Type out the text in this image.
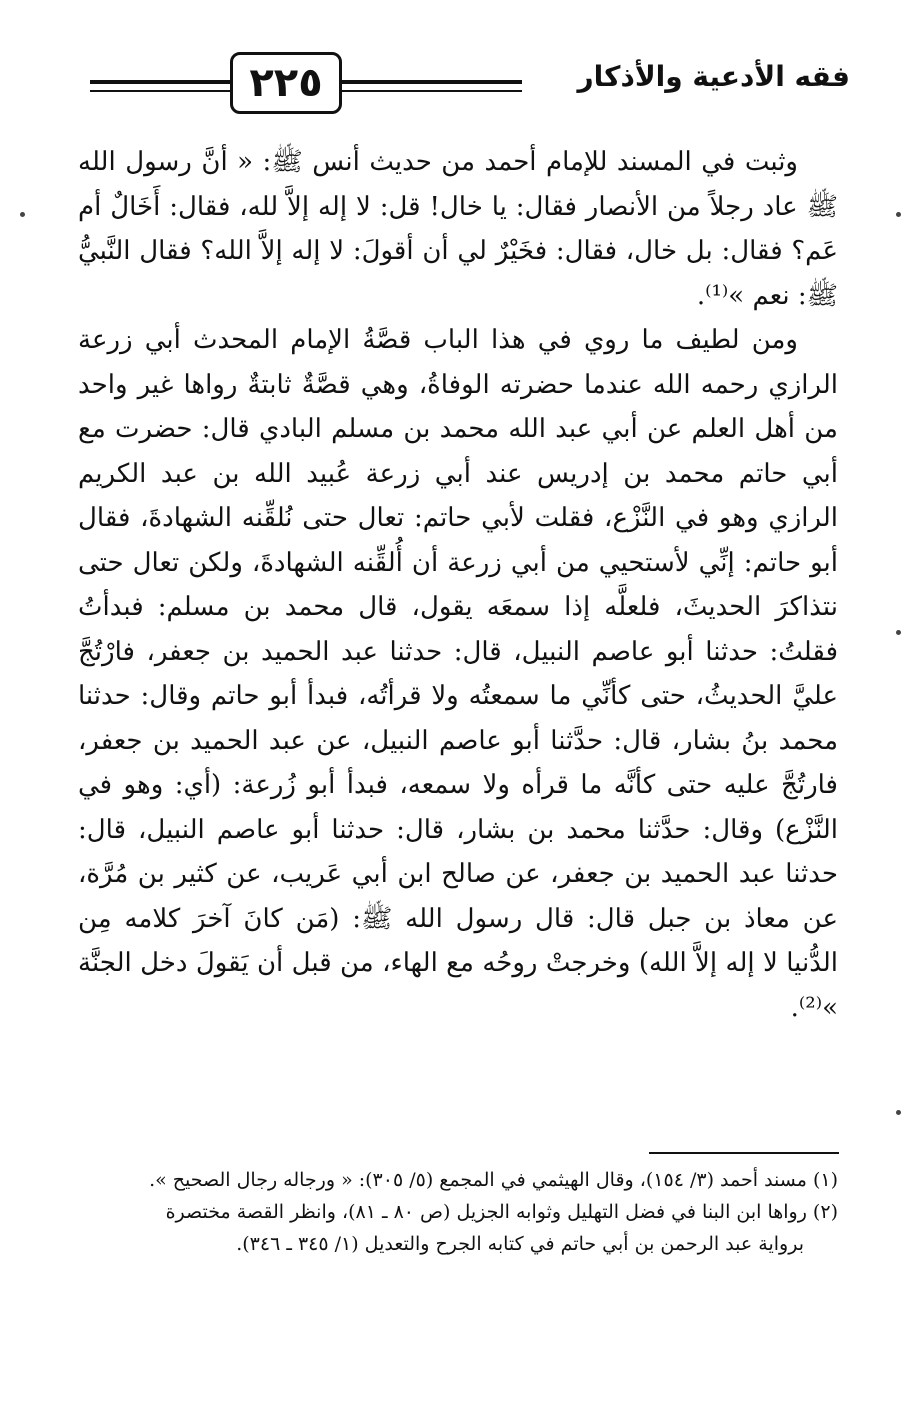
٢٢٥	فقه الأدعية والأذكار

وثبت في المسند للإمام أحمد من حديث أنس ﷺ: « أنَّ رسول الله ﷺ عاد رجلاً من الأنصار فقال: يا خال! قل: لا إله إلاَّ لله، فقال: أَخَالٌ أم عَم؟ فقال: بل خال، فقال: فخَيْرٌ لي أن أقولَ: لا إله إلاَّ الله؟ فقال النَّبيُّ ﷺ: نعم »⁽¹⁾.

ومن لطيف ما روي في هذا الباب قصَّةُ الإمام المحدث أبي زرعة الرازي رحمه الله عندما حضرته الوفاةُ، وهي قصَّةٌ ثابتةٌ رواها غير واحد من أهل العلم عن أبي عبد الله محمد بن مسلم البادي قال: حضرت مع أبي حاتم محمد بن إدريس عند أبي زرعة عُبيد الله بن عبد الكريم الرازي وهو في النَّزْع، فقلت لأبي حاتم: تعال حتى نُلقِّنه الشهادةَ، فقال أبو حاتم: إنِّي لأستحيي من أبي زرعة أن أُلقِّنه الشهادةَ، ولكن تعال حتى نتذاكرَ الحديثَ، فلعلَّه إذا سمعَه يقول، قال محمد بن مسلم: فبدأتُ فقلتُ: حدثنا أبو عاصم النبيل، قال: حدثنا عبد الحميد بن جعفر، فارْتُجَّ عليَّ الحديثُ، حتى كأنِّي ما سمعتُه ولا قرأتُه، فبدأ أبو حاتم وقال: حدثنا محمد بنُ بشار، قال: حدَّثنا أبو عاصم النبيل، عن عبد الحميد بن جعفر، فارتُجَّ عليه حتى كأنَّه ما قرأه ولا سمعه، فبدأ أبو زُرعة: (أي: وهو في النَّزْع) وقال: حدَّثنا محمد بن بشار، قال: حدثنا أبو عاصم النبيل، قال: حدثنا عبد الحميد بن جعفر، عن صالح ابن أبي عَريب، عن كثير بن مُرَّة، عن معاذ بن جبل قال: قال رسول الله ﷺ: (مَن كانَ آخرَ كلامه مِن الدُّنيا لا إله إلاَّ الله) وخرجتْ روحُه مع الهاء، من قبل أن يَقولَ دخل الجنَّة »⁽²⁾.

(١) مسند أحمد (٣/ ١٥٤)، وقال الهيثمي في المجمع (٥/ ٣٠٥): « ورجاله رجال الصحيح ».

(٢) رواها ابن البنا في فضل التهليل وثوابه الجزيل (ص ٨٠ ـ ٨١)، وانظر القصة مختصرة

برواية عبد الرحمن بن أبي حاتم في كتابه الجرح والتعديل (١/ ٣٤٥ ـ ٣٤٦).
